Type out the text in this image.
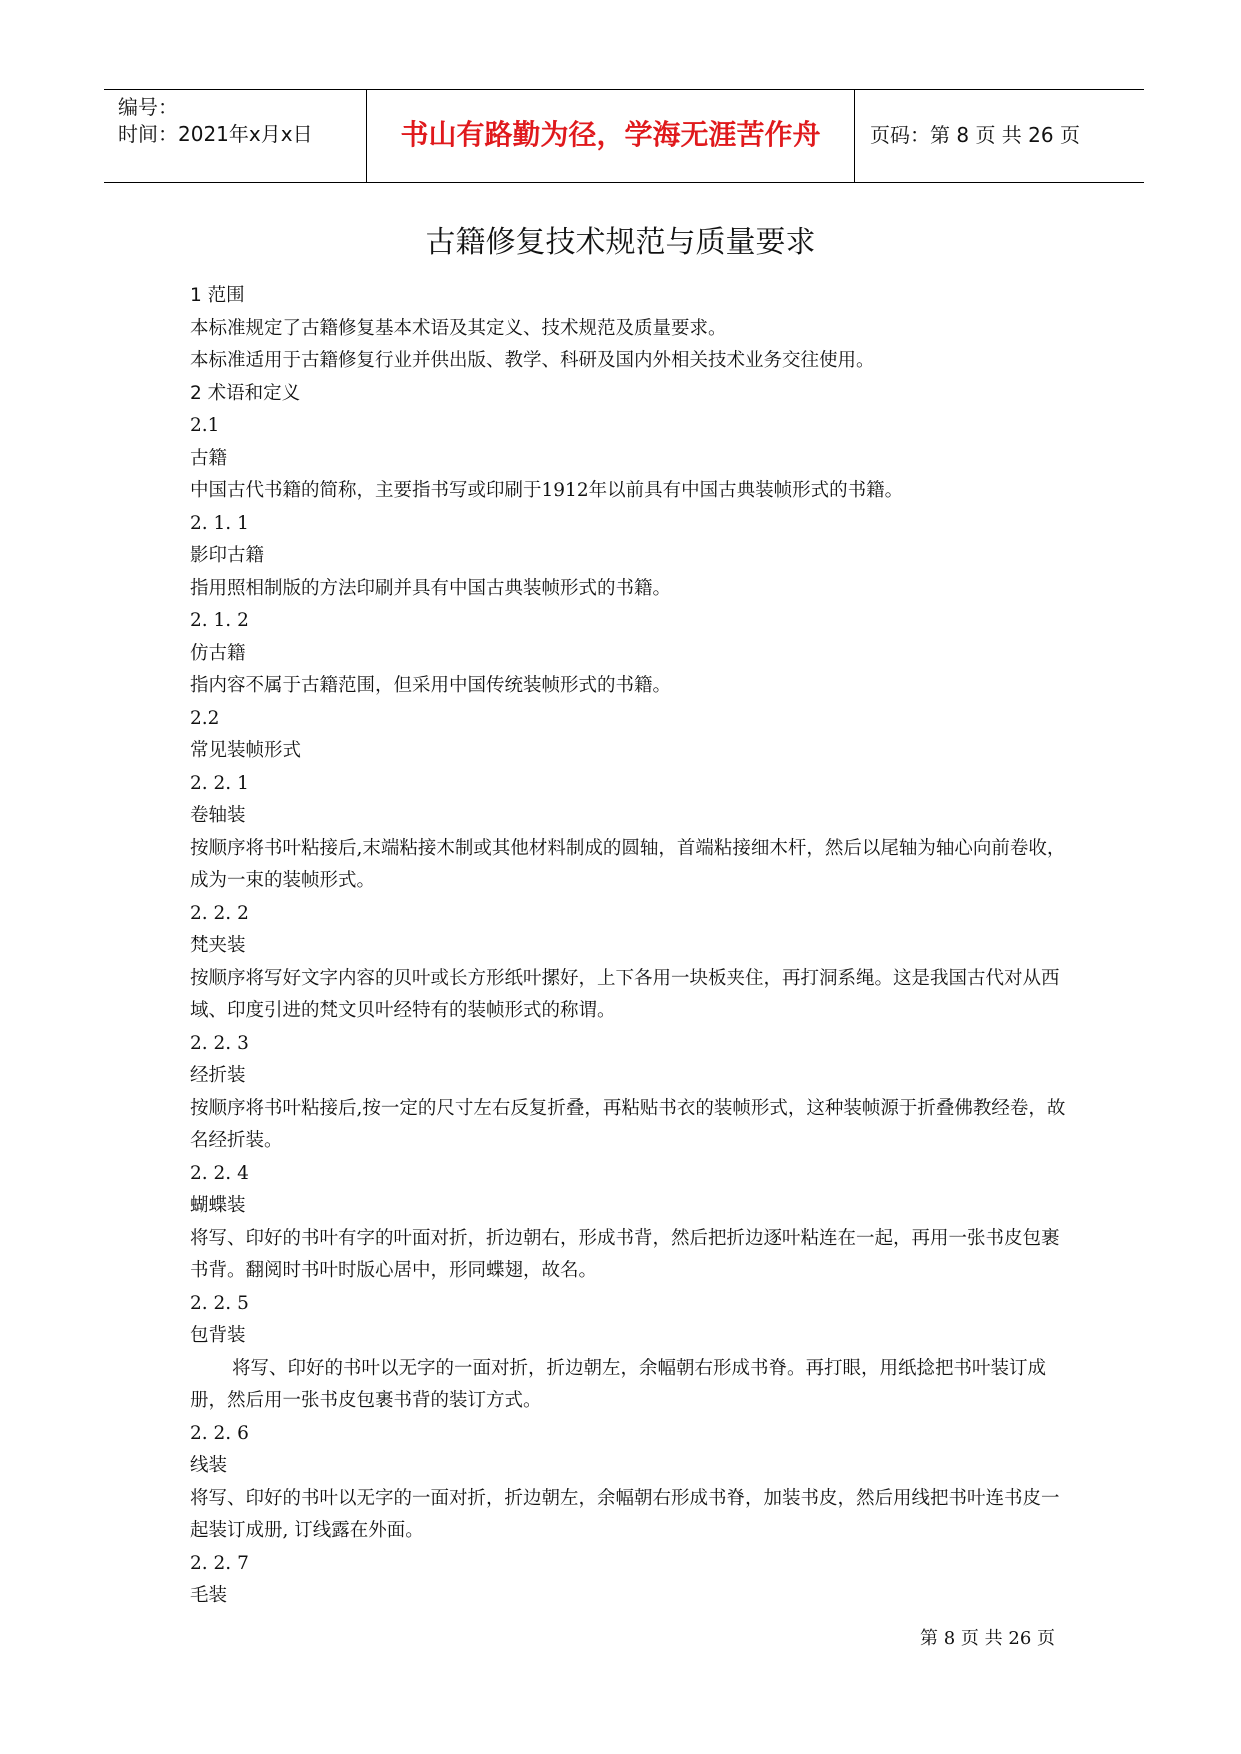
编号：
时间：2021年x月x日	书山有路勤为径，学海无涯苦作舟	页码：第 8 页 共 26 页
古籍修复技术规范与质量要求
1 范围
本标准规定了古籍修复基本术语及其定义、技术规范及质量要求。
本标准适用于古籍修复行业并供出版、教学、科研及国内外相关技术业务交往使用。
2 术语和定义
2.1
古籍
中国古代书籍的简称，主要指书写或印刷于1912年以前具有中国古典装帧形式的书籍。
2. 1. 1
影印古籍
指用照相制版的方法印刷并具有中国古典装帧形式的书籍。
2. 1. 2
仿古籍
指内容不属于古籍范围，但采用中国传统装帧形式的书籍。
2.2
常见装帧形式
2. 2. 1
卷轴装
按顺序将书叶粘接后,末端粘接木制或其他材料制成的圆轴，首端粘接细木杆，然后以尾轴为轴心向前卷收，成为一束的装帧形式。
2. 2. 2
梵夹装
按顺序将写好文字内容的贝叶或长方形纸叶摞好，上下各用一块板夹住，再打洞系绳。这是我国古代对从西域、印度引进的梵文贝叶经特有的装帧形式的称谓。
2. 2. 3
经折装
按顺序将书叶粘接后,按一定的尺寸左右反复折叠，再粘贴书衣的装帧形式，这种装帧源于折叠佛教经卷，故名经折装。
2. 2. 4
蝴蝶装
将写、印好的书叶有字的叶面对折，折边朝右，形成书背，然后把折边逐叶粘连在一起，再用一张书皮包裹书背。翻阅时书叶时版心居中，形同蝶翅，故名。
2. 2. 5
包背装
将写、印好的书叶以无字的一面对折，折边朝左，余幅朝右形成书脊。再打眼，用纸捻把书叶装订成册，然后用一张书皮包裹书背的装订方式。
2. 2. 6
线装
将写、印好的书叶以无字的一面对折，折边朝左，余幅朝右形成书脊，加装书皮，然后用线把书叶连书皮一起装订成册, 订线露在外面。
2. 2. 7
毛装
第 8 页 共 26 页
